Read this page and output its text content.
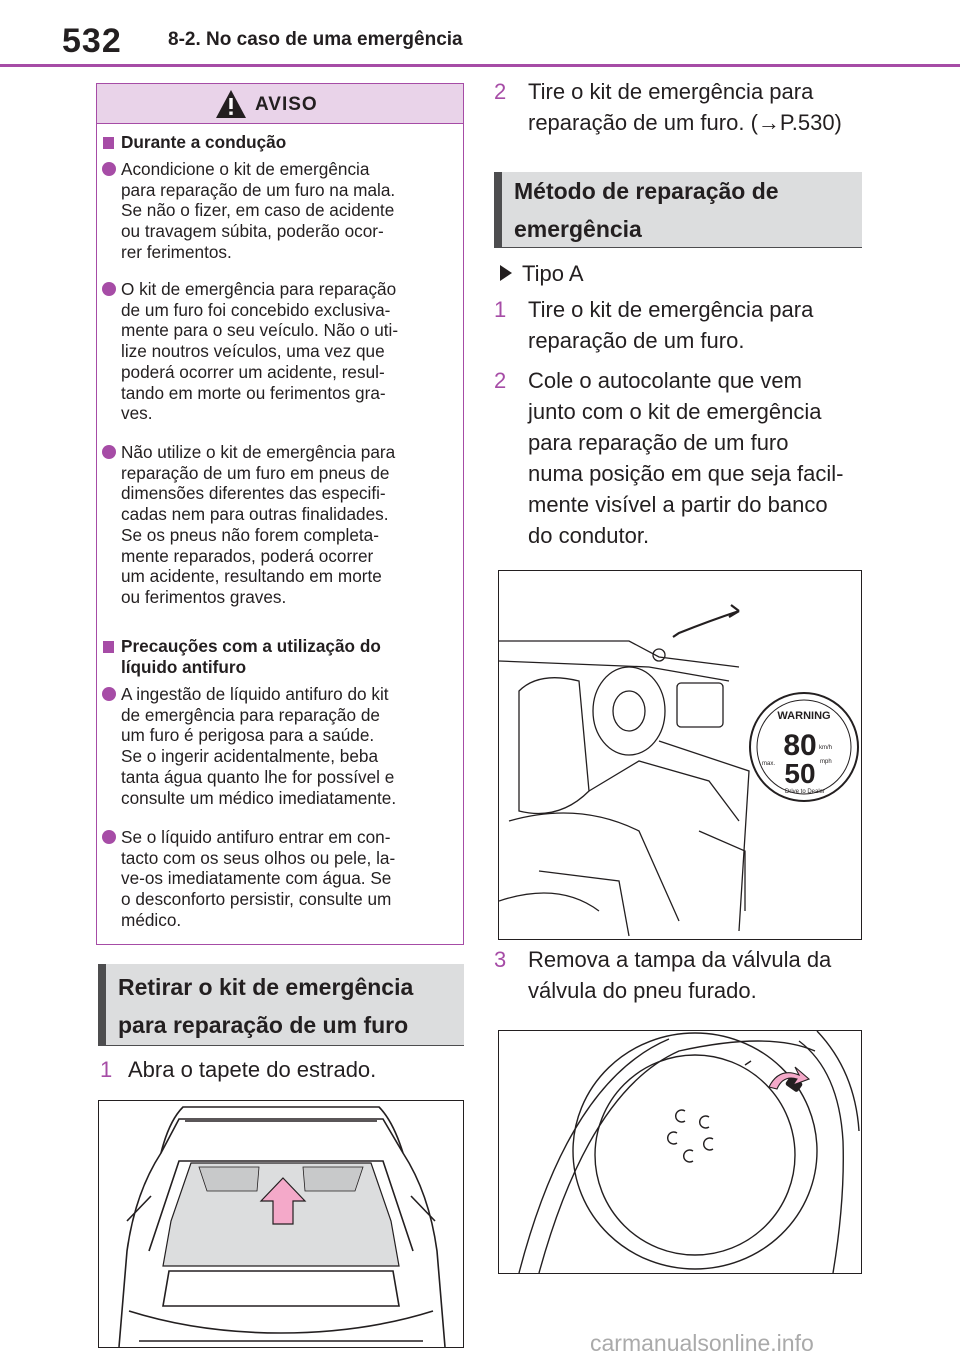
532 8-2. No caso de uma emergência
AVISO
Durante a condução
Acondicione o kit de emergência
para reparação de um furo na mala.
Se não o fizer, em caso de acidente
ou travagem súbita, poderão ocor-
rer ferimentos.
O kit de emergência para reparação
de um furo foi concebido exclusiva-
mente para o seu veículo. Não o uti-
lize noutros veículos, uma vez que
poderá ocorrer um acidente, resul-
tando em morte ou ferimentos gra-
ves.
Não utilize o kit de emergência para
reparação de um furo em pneus de
dimensões diferentes das especifi-
cadas nem para outras finalidades.
Se os pneus não forem completa-
mente reparados, poderá ocorrer
um acidente, resultando em morte
ou ferimentos graves.
Precauções com a utilização do
líquido antifuro
A ingestão de líquido antifuro do kit
de emergência para reparação de
um furo é perigosa para a saúde.
Se o ingerir acidentalmente, beba
tanta água quanto lhe for possível e
consulte um médico imediatamente.
Se o líquido antifuro entrar em con-
tacto com os seus olhos ou pele, la-
ve-os imediatamente com água. Se
o desconforto persistir, consulte um
médico.
Retirar o kit de emergência
para reparação de um furo
1 Abra o tapete do estrado.
2 Tire o kit de emergência para
reparação de um furo. (→P.530)
Método de reparação de
emergência
Tipo A
1 Tire o kit de emergência para
reparação de um furo.
2 Cole o autocolante que vem
junto com o kit de emergência
para reparação de um furo
numa posição em que seja facil-
mente visível a partir do banco
do condutor.
WARNING
80
50
km/h
mph
max.
Drive to Dealer
3 Remova a tampa da válvula da
válvula do pneu furado.
carmanualsonline.info
